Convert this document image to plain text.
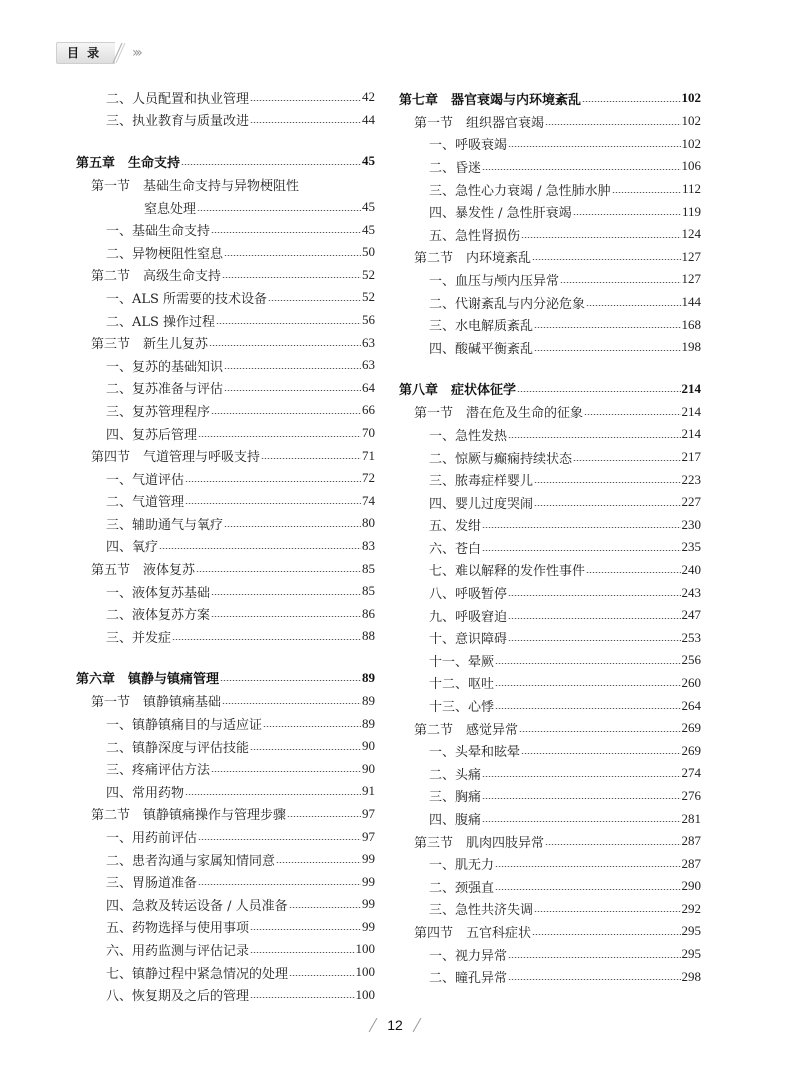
目 录	›››
二、人员配置和执业管理	42
三、执业教育与质量改进	44
第五章　生命支持	45
第一节　基础生命支持与异物梗阻性
窒息处理	45
一、基础生命支持	45
二、异物梗阻性窒息	50
第二节　高级生命支持	52
一、ALS 所需要的技术设备	52
二、ALS 操作过程	56
第三节　新生儿复苏	63
一、复苏的基础知识	63
二、复苏准备与评估	64
三、复苏管理程序	66
四、复苏后管理	70
第四节　气道管理与呼吸支持	71
一、气道评估	72
二、气道管理	74
三、辅助通气与氧疗	80
四、氧疗	83
第五节　液体复苏	85
一、液体复苏基础	85
二、液体复苏方案	86
三、并发症	88
第六章　镇静与镇痛管理	89
第一节　镇静镇痛基础	89
一、镇静镇痛目的与适应证	89
二、镇静深度与评估技能	90
三、疼痛评估方法	90
四、常用药物	91
第二节　镇静镇痛操作与管理步骤	97
一、用药前评估	97
二、患者沟通与家属知情同意	99
三、胃肠道准备	99
四、急救及转运设备 / 人员准备	99
五、药物选择与使用事项	99
六、用药监测与评估记录	100
七、镇静过程中紧急情况的处理	100
八、恢复期及之后的管理	100
第七章　器官衰竭与内环境紊乱	102
第一节　组织器官衰竭	102
一、呼吸衰竭	102
二、昏迷	106
三、急性心力衰竭 / 急性肺水肿	112
四、暴发性 / 急性肝衰竭	119
五、急性肾损伤	124
第二节　内环境紊乱	127
一、血压与颅内压异常	127
二、代谢紊乱与内分泌危象	144
三、水电解质紊乱	168
四、酸碱平衡紊乱	198
第八章　症状体征学	214
第一节　潜在危及生命的征象	214
一、急性发热	214
二、惊厥与癫痫持续状态	217
三、脓毒症样婴儿	223
四、婴儿过度哭闹	227
五、发绀	230
六、苍白	235
七、难以解释的发作性事件	240
八、呼吸暂停	243
九、呼吸窘迫	247
十、意识障碍	253
十一、晕厥	256
十二、呕吐	260
十三、心悸	264
第二节　感觉异常	269
一、头晕和眩晕	269
二、头痛	274
三、胸痛	276
四、腹痛	281
第三节　肌肉四肢异常	287
一、肌无力	287
二、颈强直	290
三、急性共济失调	292
第四节　五官科症状	295
一、视力异常	295
二、瞳孔异常	298
12
